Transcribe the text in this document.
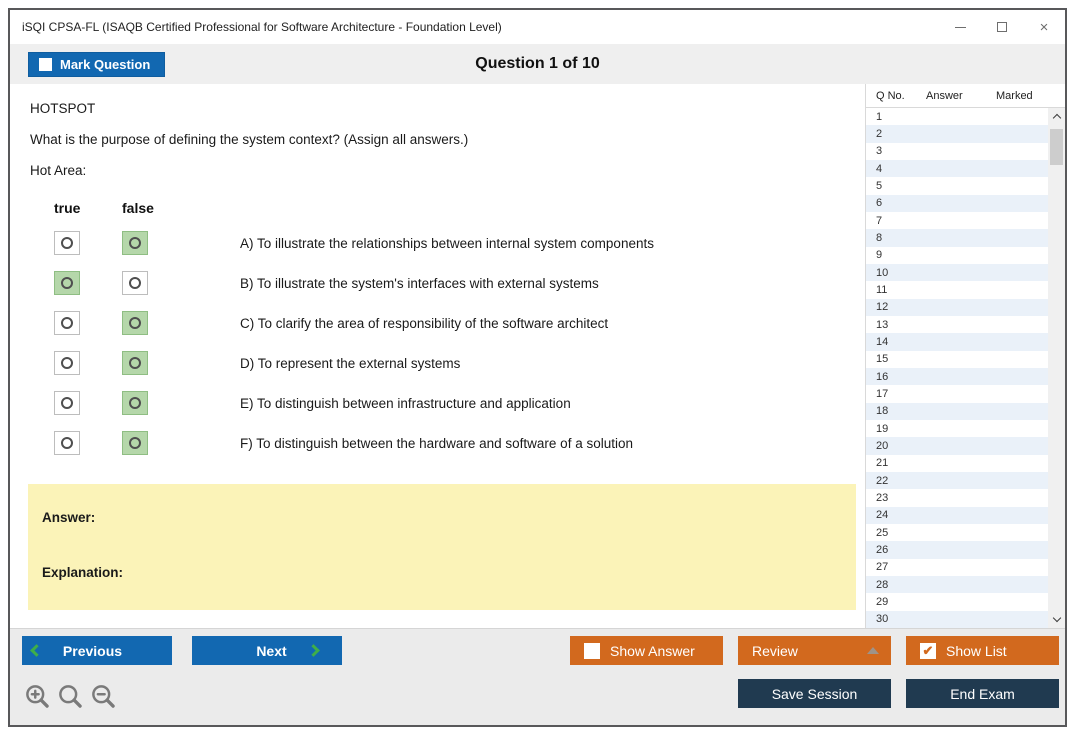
iSQI CPSA-FL (ISAQB Certified Professional for Software Architecture - Foundation Level)	×
Mark Question	Question 1 of 10
HOTSPOT
What is the purpose of defining the system context? (Assign all answers.)
Hot Area:
true	false
A) To illustrate the relationships between internal system components
B) To illustrate the system's interfaces with external systems
C) To clarify the area of responsibility of the software architect
D) To represent the external systems
E) To distinguish between infrastructure and application
F) To distinguish between the hardware and software of a solution
Answer:
Explanation:
Q No.	Answer	Marked
1
2
3
4
5
6
7
8
9
10
11
12
13
14
15
16
17
18
19
20
21
22
23
24
25
26
27
28
29
30
Previous	Next	Show Answer	Review	✔ Show List
Save Session	End Exam
